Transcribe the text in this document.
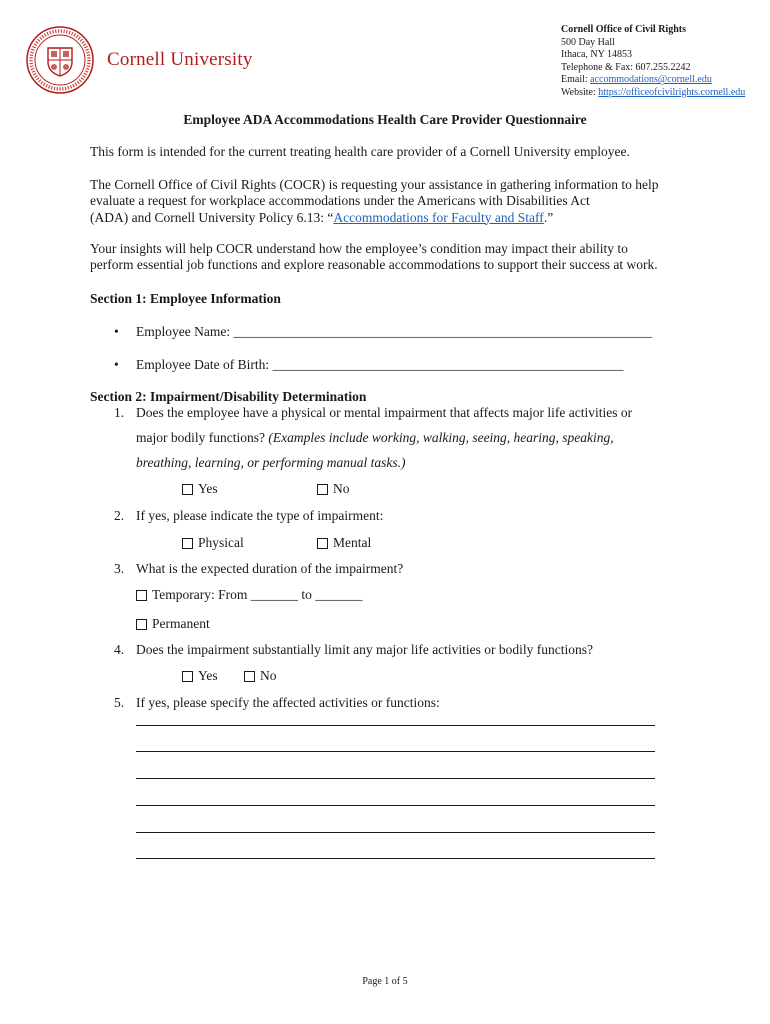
Cornell University
Cornell Office of Civil Rights
500 Day Hall
Ithaca, NY 14853
Telephone & Fax: 607.255.2242
Email: accommodations@cornell.edu
Website: https://officeofcivilrights.cornell.edu
Employee ADA Accommodations Health Care Provider Questionnaire
This form is intended for the current treating health care provider of a Cornell University employee.
The Cornell Office of Civil Rights (COCR) is requesting your assistance in gathering information to help
evaluate a request for workplace accommodations under the Americans with Disabilities Act
(ADA) and Cornell University Policy 6.13: “Accommodations for Faculty and Staff.”
Your insights will help COCR understand how the employee’s condition may impact their ability to
perform essential job functions and explore reasonable accommodations to support their success at work.
Section 1: Employee Information
• Employee Name: ______________________________________________________________
• Employee Date of Birth: ____________________________________________________
Section 2: Impairment/Disability Determination
1. Does the employee have a physical or mental impairment that affects major life activities or
major bodily functions? (Examples include working, walking, seeing, hearing, speaking,
breathing, learning, or performing manual tasks.)
Yes	No
2. If yes, please indicate the type of impairment:
Physical	Mental
3. What is the expected duration of the impairment?
Temporary: From _______ to _______
Permanent
4. Does the impairment substantially limit any major life activities or bodily functions?
Yes	No
5. If yes, please specify the affected activities or functions:
Page 1 of 5
